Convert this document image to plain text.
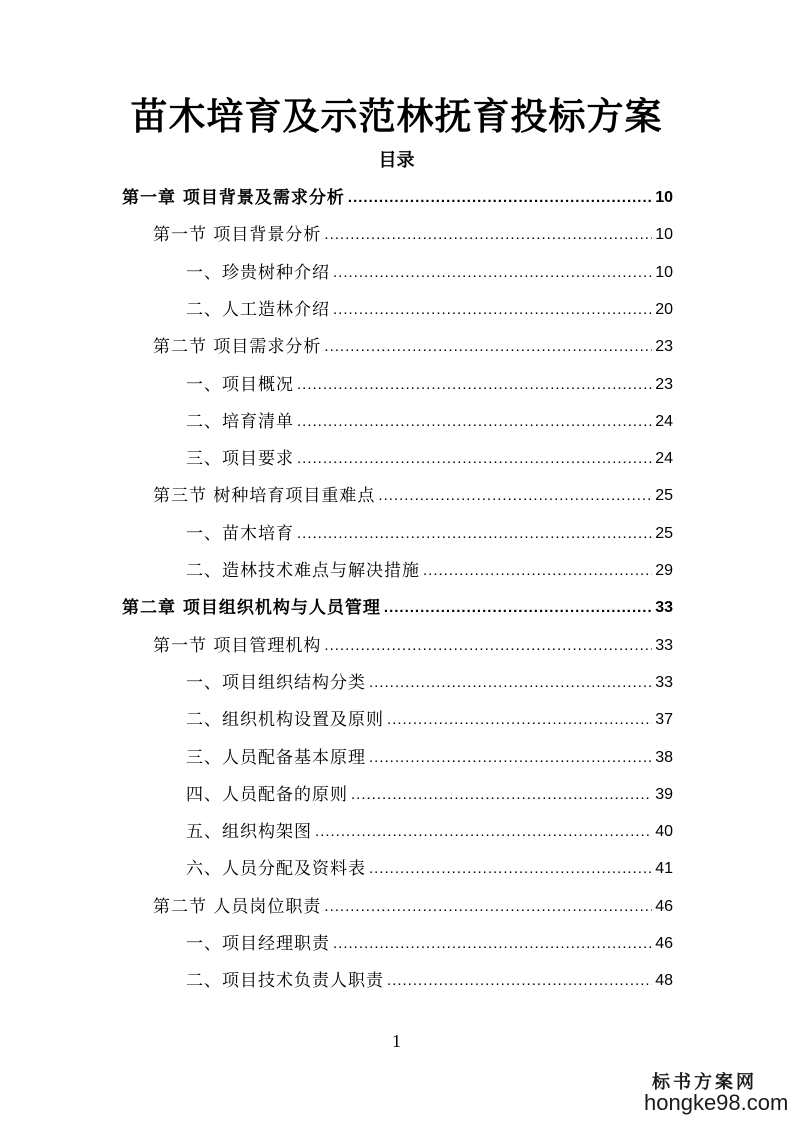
苗木培育及示范林抚育投标方案
目录
第一章 项目背景及需求分析 .....	10
第一节 项目背景分析 .....	10
一、珍贵树种介绍 .....	10
二、人工造林介绍 .....	20
第二节 项目需求分析 .....	23
一、项目概况 .....	23
二、培育清单 .....	24
三、项目要求 .....	24
第三节 树种培育项目重难点 .....	25
一、苗木培育 .....	25
二、造林技术难点与解决措施 .....	29
第二章 项目组织机构与人员管理 .....	33
第一节 项目管理机构 .....	33
一、项目组织结构分类 .....	33
二、组织机构设置及原则 .....	37
三、人员配备基本原理 .....	38
四、人员配备的原则 .....	39
五、组织构架图 .....	40
六、人员分配及资料表 .....	41
第二节 人员岗位职责 .....	46
一、项目经理职责 .....	46
二、项目技术负责人职责 .....	48
1
标书方案网
hongke98.com
